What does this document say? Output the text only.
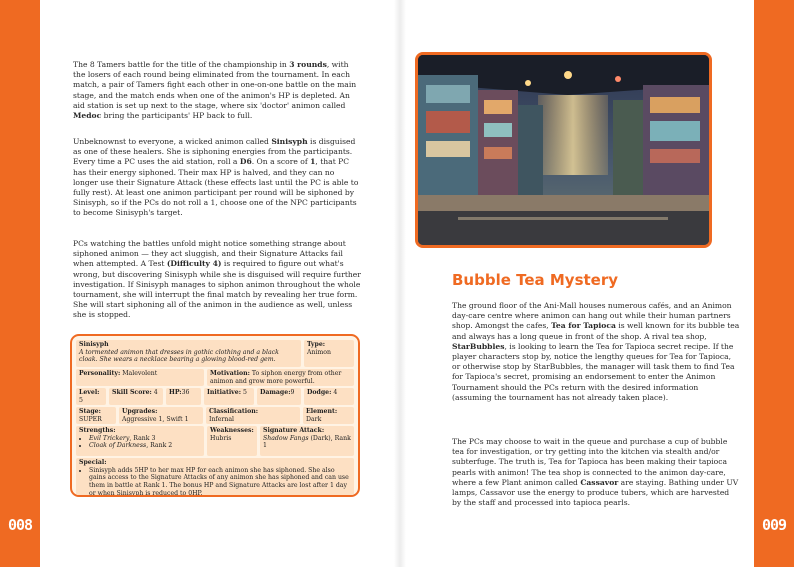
008	009
The 8 Tamers battle for the title of the championship in 3 rounds, with the losers of each round being eliminated from the tournament. In each match, a pair of Tamers fight each other in one-on-one battle on the main stage, and the match ends when one of the animon's HP is depleted. An aid station is set up next to the stage, where six 'doctor' animon called Medoc bring the participants' HP back to full.
Unbeknownst to everyone, a wicked animon called Sinisyph is disguised as one of these healers. She is siphoning energies from the participants. Every time a PC uses the aid station, roll a D6. On a score of 1, that PC has their energy siphoned. Their max HP is halved, and they can no longer use their Signature Attack (these effects last until the PC is able to fully rest). At least one animon participant per round will be siphoned by Sinisyph, so if the PCs do not roll a 1, choose one of the NPC participants to become Sinisyph's target.
PCs watching the battles unfold might notice something strange about siphoned animon — they act sluggish, and their Signature Attacks fail when attempted. A Test (Difficulty 4) is required to figure out what's wrong, but discovering Sinisyph while she is disguised will require further investigation. If Sinisyph manages to siphon animon throughout the whole tournament, she will interrupt the final match by revealing her true form. She will start siphoning all of the animon in the audience as well, unless she is stopped.
Sinisyph
A tormented animon that dresses in gothic clothing and a black cloak. She wears a necklace bearing a glowing blood-red gem.
Type:
Animon
Personality: Malevolent	Motivation: To siphon energy from other animon and grow more powerful.
Level: 5
Skill Score: 4	HP:36	Initiative: 5	Damage:9	Dodge: 4
Stage:
SUPER
Upgrades:
Aggressive 1, Swift 1
Classification:
Infernal
Element:
Dark
Strengths:
• Evil Trickery, Rank 3
• Cloak of Darkness, Rank 2
Weaknesses:
Hubris
Signature Attack:
Shadow Fangs (Dark), Rank 1
Special:
• Sinisyph adds 5HP to her max HP for each animon she has siphoned. She also gains access to the Signature Attacks of any animon she has siphoned and can use them in battle at Rank 1. The bonus HP and Signature Attacks are lost after 1 day or when Sinisyph is reduced to 0HP.
Bubble Tea Mystery
The ground floor of the Ani-Mall houses numerous cafés, and an Animon day-care centre where animon can hang out while their human partners shop. Amongst the cafes, Tea for Tapioca is well known for its bubble tea and always has a long queue in front of the shop. A rival tea shop, StarBubbles, is looking to learn the Tea for Tapioca secret recipe. If the player characters stop by, notice the lengthy queues for Tea for Tapioca, or otherwise stop by StarBubbles, the manager will task them to find Tea for Tapioca's secret, promising an endorsement to enter the Animon Tournament should the PCs return with the desired information (assuming the tournament has not already taken place).
The PCs may choose to wait in the queue and purchase a cup of bubble tea for investigation, or try getting into the kitchen via stealth and/or subterfuge. The truth is, Tea for Tapioca has been making their tapioca pearls with animon! The tea shop is connected to the animon day-care, where a few Plant animon called Cassavor are staying. Bathing under UV lamps, Cassavor use the energy to produce tubers, which are harvested by the staff and processed into tapioca pearls.
